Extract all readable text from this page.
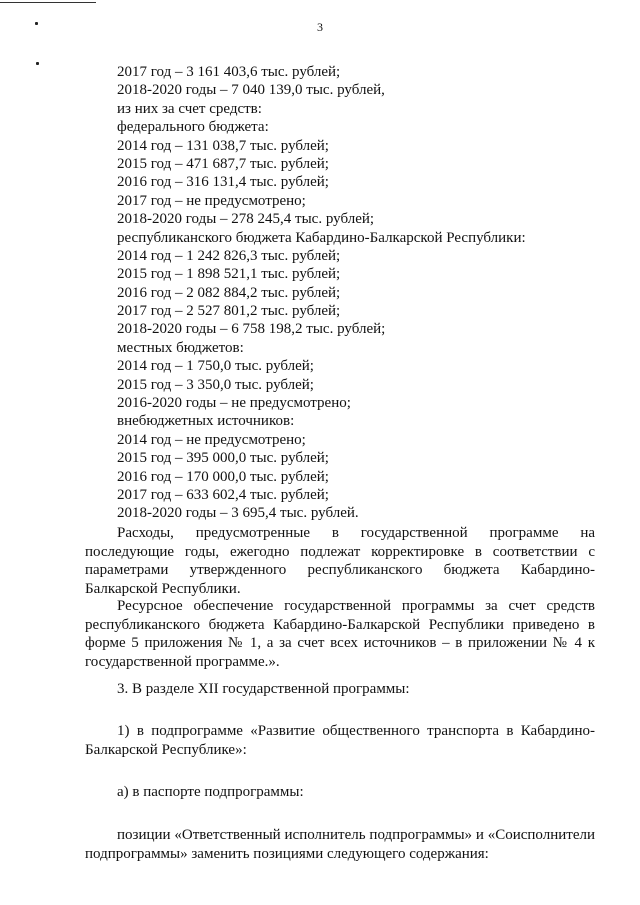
3
2017 год – 3 161 403,6 тыс. рублей;
2018-2020 годы – 7 040 139,0 тыс. рублей,
из них за счет средств:
федерального бюджета:
2014 год – 131 038,7 тыс. рублей;
2015 год – 471 687,7 тыс. рублей;
2016 год – 316 131,4 тыс. рублей;
2017 год – не предусмотрено;
2018-2020 годы – 278 245,4 тыс. рублей;
республиканского бюджета Кабардино-Балкарской Республики:
2014 год – 1 242 826,3 тыс. рублей;
2015 год – 1 898 521,1 тыс. рублей;
2016 год – 2 082 884,2 тыс. рублей;
2017 год – 2 527 801,2 тыс. рублей;
2018-2020 годы – 6 758 198,2 тыс. рублей;
местных бюджетов:
2014 год – 1 750,0 тыс. рублей;
2015 год – 3 350,0 тыс. рублей;
2016-2020 годы – не предусмотрено;
внебюджетных источников:
2014 год – не предусмотрено;
2015 год – 395 000,0 тыс. рублей;
2016 год – 170 000,0 тыс. рублей;
2017 год – 633 602,4 тыс. рублей;
2018-2020 годы – 3 695,4 тыс. рублей.
Расходы, предусмотренные в государственной программе на последующие годы, ежегодно подлежат корректировке в соответствии с параметрами утвержденного республиканского бюджета Кабардино-Балкарской Республики.
Ресурсное обеспечение государственной программы за счет средств республиканского бюджета Кабардино-Балкарской Республики приведено в форме 5 приложения № 1, а за счет всех источников – в приложении № 4 к государственной программе.».
3. В разделе XII государственной программы:
1) в подпрограмме «Развитие общественного транспорта в Кабардино-Балкарской Республике»:
а) в паспорте подпрограммы:
позиции «Ответственный исполнитель подпрограммы» и «Соисполнители подпрограммы» заменить позициями следующего содержания:
